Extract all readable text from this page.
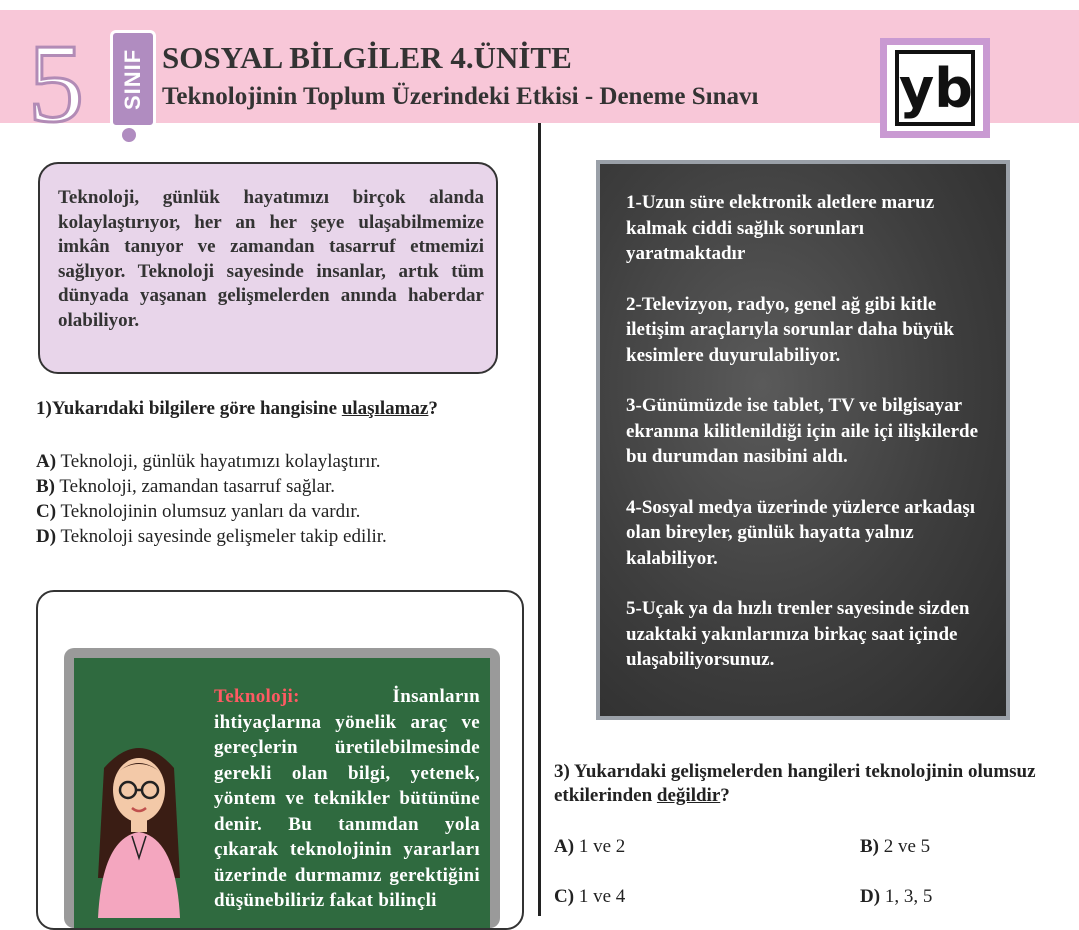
5	SINIF SOSYAL BİLGİLER 4.ÜNİTE
Teknolojinin Toplum Üzerindeki Etkisi - Deneme Sınavı	yb
Teknoloji, günlük hayatımızı birçok alanda kolaylaştırıyor, her an her şeye ulaşabilmemize imkân tanıyor ve zamandan tasarruf etmemizi sağlıyor. Teknoloji sayesinde insanlar, artık tüm dünyada yaşanan gelişmelerden anında haberdar olabiliyor.
1)Yukarıdaki bilgilere göre hangisine ulaşılamaz?
A) Teknoloji, günlük hayatımızı kolaylaştırır.
B) Teknoloji, zamandan tasarruf sağlar.
C) Teknolojinin olumsuz yanları da vardır.
D) Teknoloji sayesinde gelişmeler takip edilir.
Teknoloji: İnsanların ihtiyaçlarına yönelik araç ve gereçlerin üretilebilmesinde gerekli olan bilgi, yetenek, yöntem ve teknikler bütününe denir. Bu tanımdan yola çıkarak teknolojinin yararları üzerinde durmamız gerektiğini düşünebiliriz fakat bilinçli
1-Uzun süre elektronik aletlere maruz kalmak ciddi sağlık sorunları yaratmaktadır
2-Televizyon, radyo, genel ağ gibi kitle iletişim araçlarıyla sorunlar daha büyük kesimlere duyurulabiliyor.
3-Günümüzde ise tablet, TV ve bilgisayar ekranına kilitlenildiği için aile içi ilişkilerde bu durumdan nasibini aldı.
4-Sosyal medya üzerinde yüzlerce arkadaşı olan bireyler, günlük hayatta yalnız kalabiliyor.
5-Uçak ya da hızlı trenler sayesinde sizden uzaktaki yakınlarınıza birkaç saat içinde ulaşabiliyorsunuz.
3) Yukarıdaki gelişmelerden hangileri teknolojinin olumsuz etkilerinden değildir?
A) 1 ve 2	B) 2 ve 5
C) 1 ve 4	D) 1, 3, 5
